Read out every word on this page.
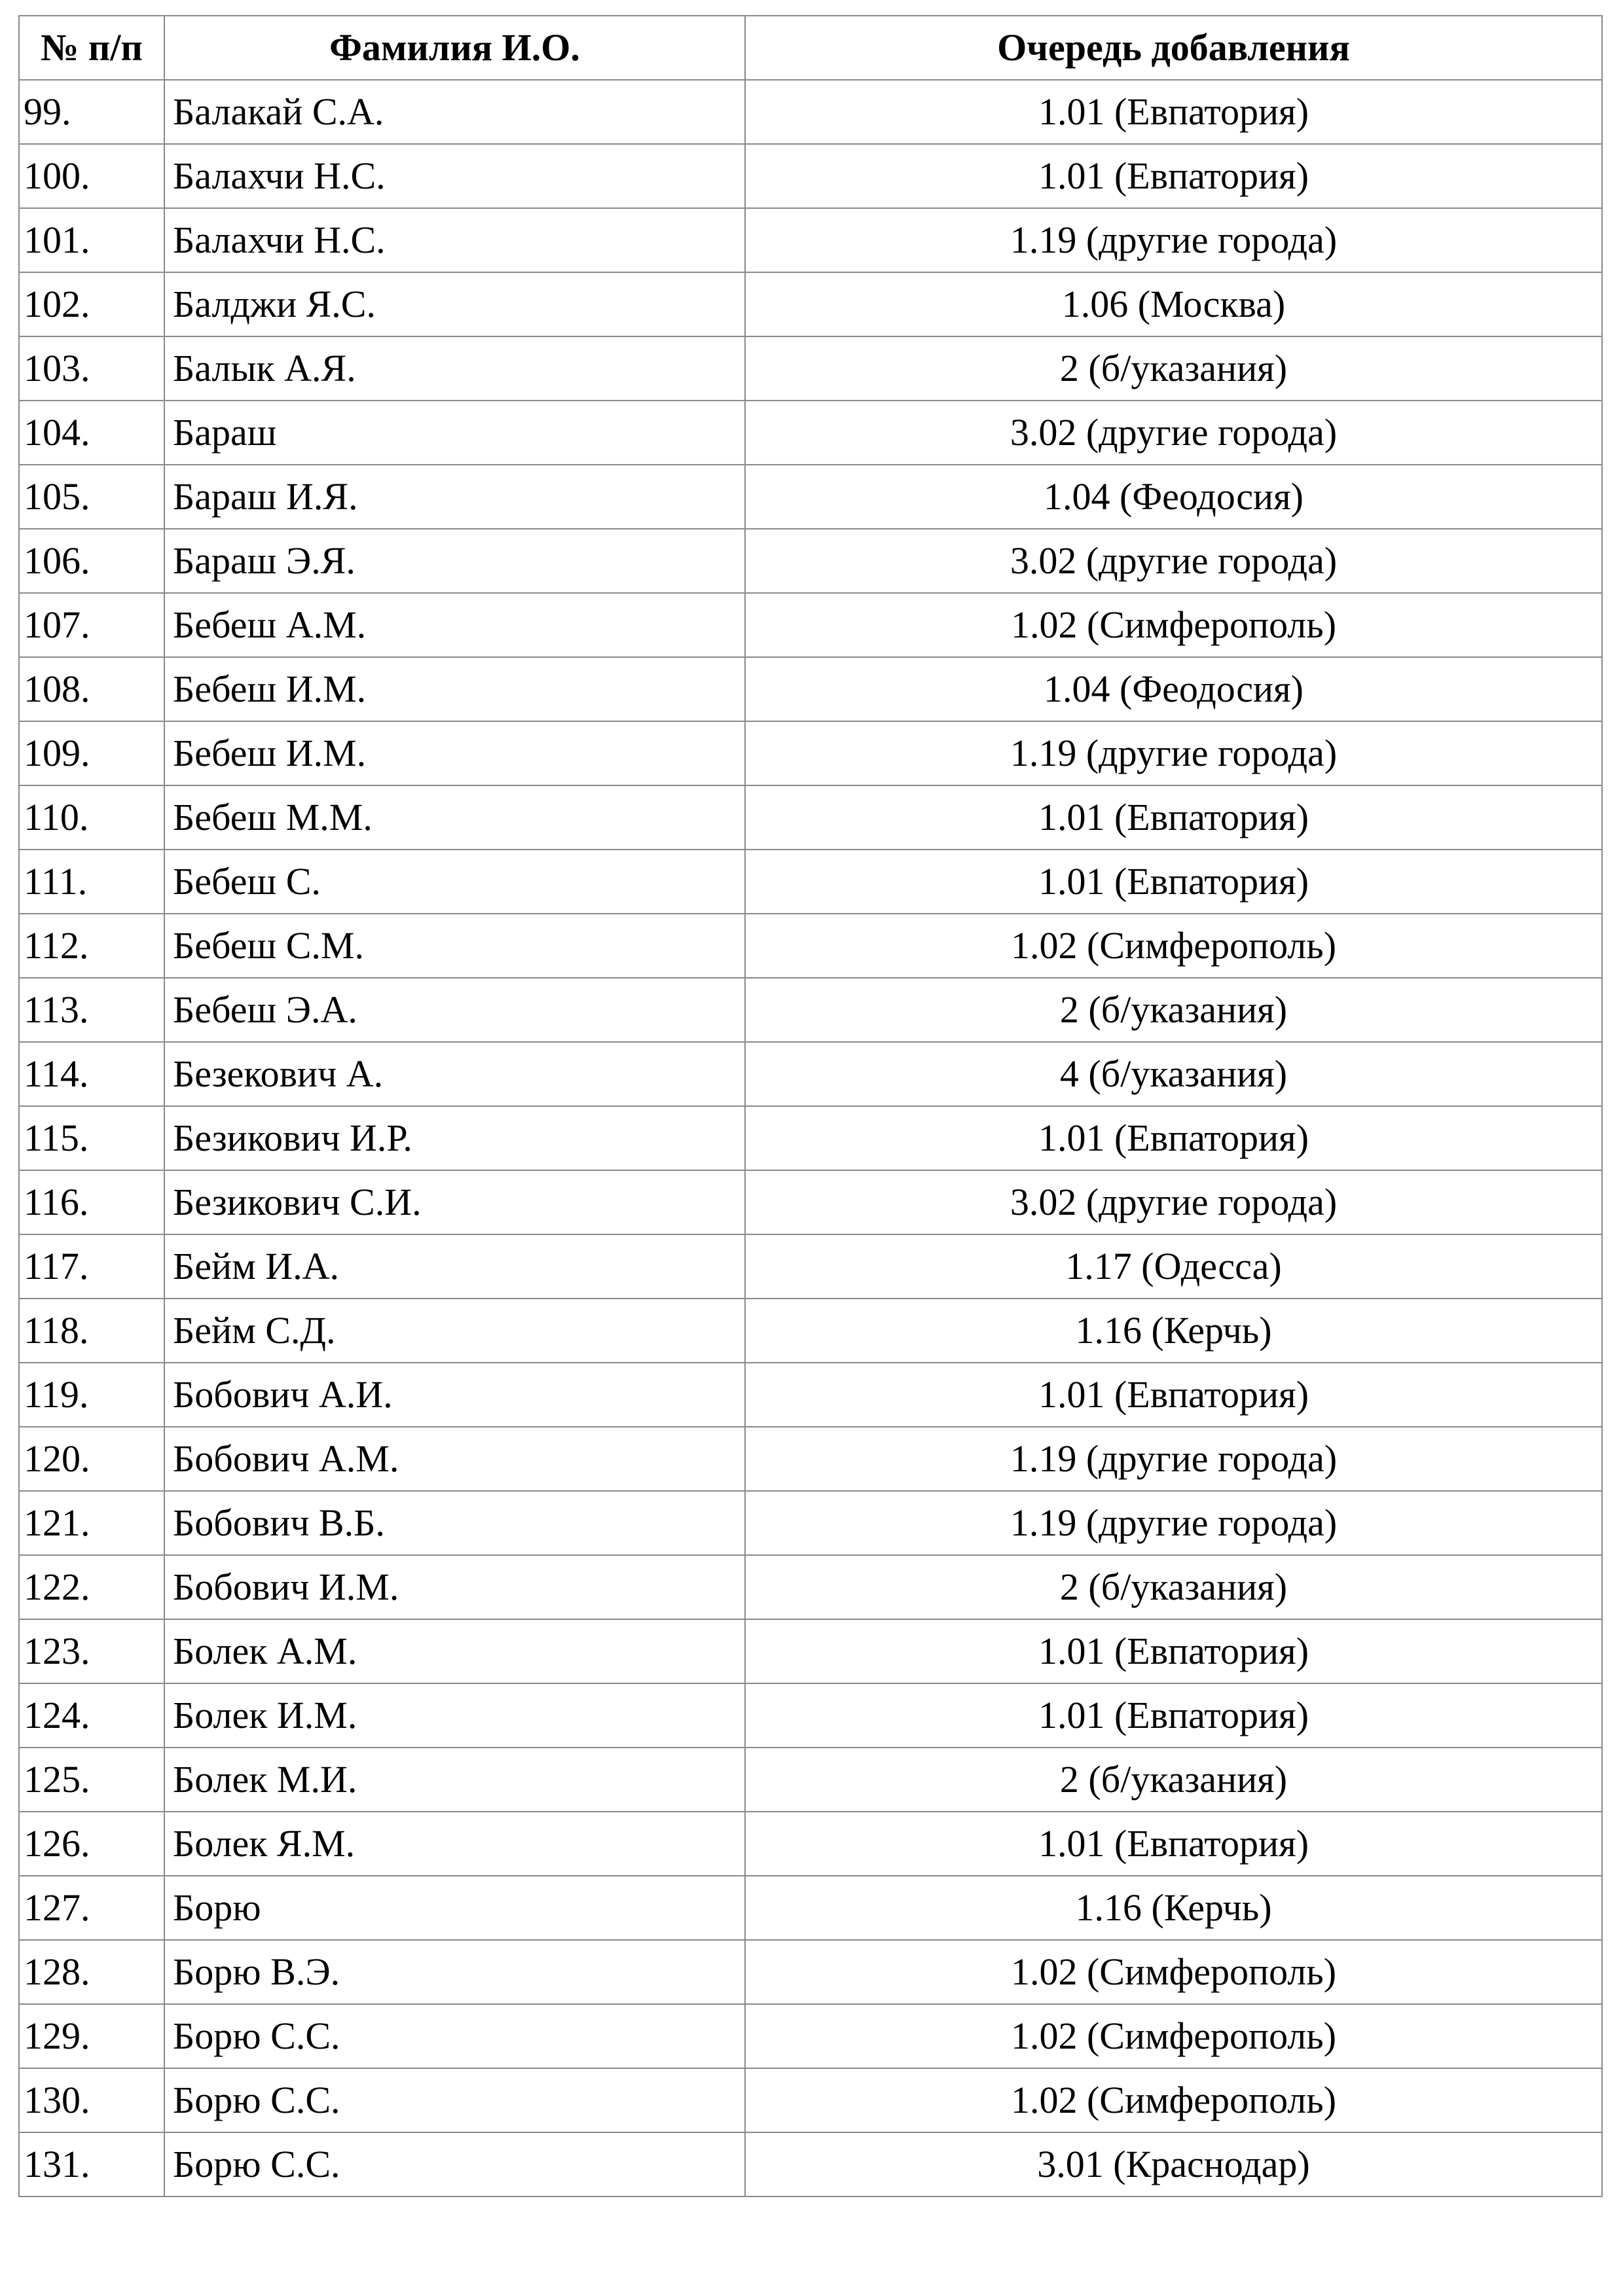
№ п/п	Фамилия И.О.	Очередь добавления
99.	Балакай С.А.	1.01 (Евпатория)
100.	Балахчи Н.С.	1.01 (Евпатория)
101.	Балахчи Н.С.	1.19 (другие города)
102.	Балджи Я.С.	1.06 (Москва)
103.	Балык А.Я.	2 (б/указания)
104.	Бараш	3.02 (другие города)
105.	Бараш И.Я.	1.04 (Феодосия)
106.	Бараш Э.Я.	3.02 (другие города)
107.	Бебеш А.М.	1.02 (Симферополь)
108.	Бебеш И.М.	1.04 (Феодосия)
109.	Бебеш И.М.	1.19 (другие города)
110.	Бебеш М.М.	1.01 (Евпатория)
111.	Бебеш С.	1.01 (Евпатория)
112.	Бебеш С.М.	1.02 (Симферополь)
113.	Бебеш Э.А.	2 (б/указания)
114.	Безекович А.	4 (б/указания)
115.	Безикович И.Р.	1.01 (Евпатория)
116.	Безикович С.И.	3.02 (другие города)
117.	Бейм И.А.	1.17 (Одесса)
118.	Бейм С.Д.	1.16 (Керчь)
119.	Бобович А.И.	1.01 (Евпатория)
120.	Бобович А.М.	1.19 (другие города)
121.	Бобович В.Б.	1.19 (другие города)
122.	Бобович И.М.	2 (б/указания)
123.	Болек А.М.	1.01 (Евпатория)
124.	Болек И.М.	1.01 (Евпатория)
125.	Болек М.И.	2 (б/указания)
126.	Болек Я.М.	1.01 (Евпатория)
127.	Борю	1.16 (Керчь)
128.	Борю В.Э.	1.02 (Симферополь)
129.	Борю С.С.	1.02 (Симферополь)
130.	Борю С.С.	1.02 (Симферополь)
131.	Борю С.С.	3.01 (Краснодар)
